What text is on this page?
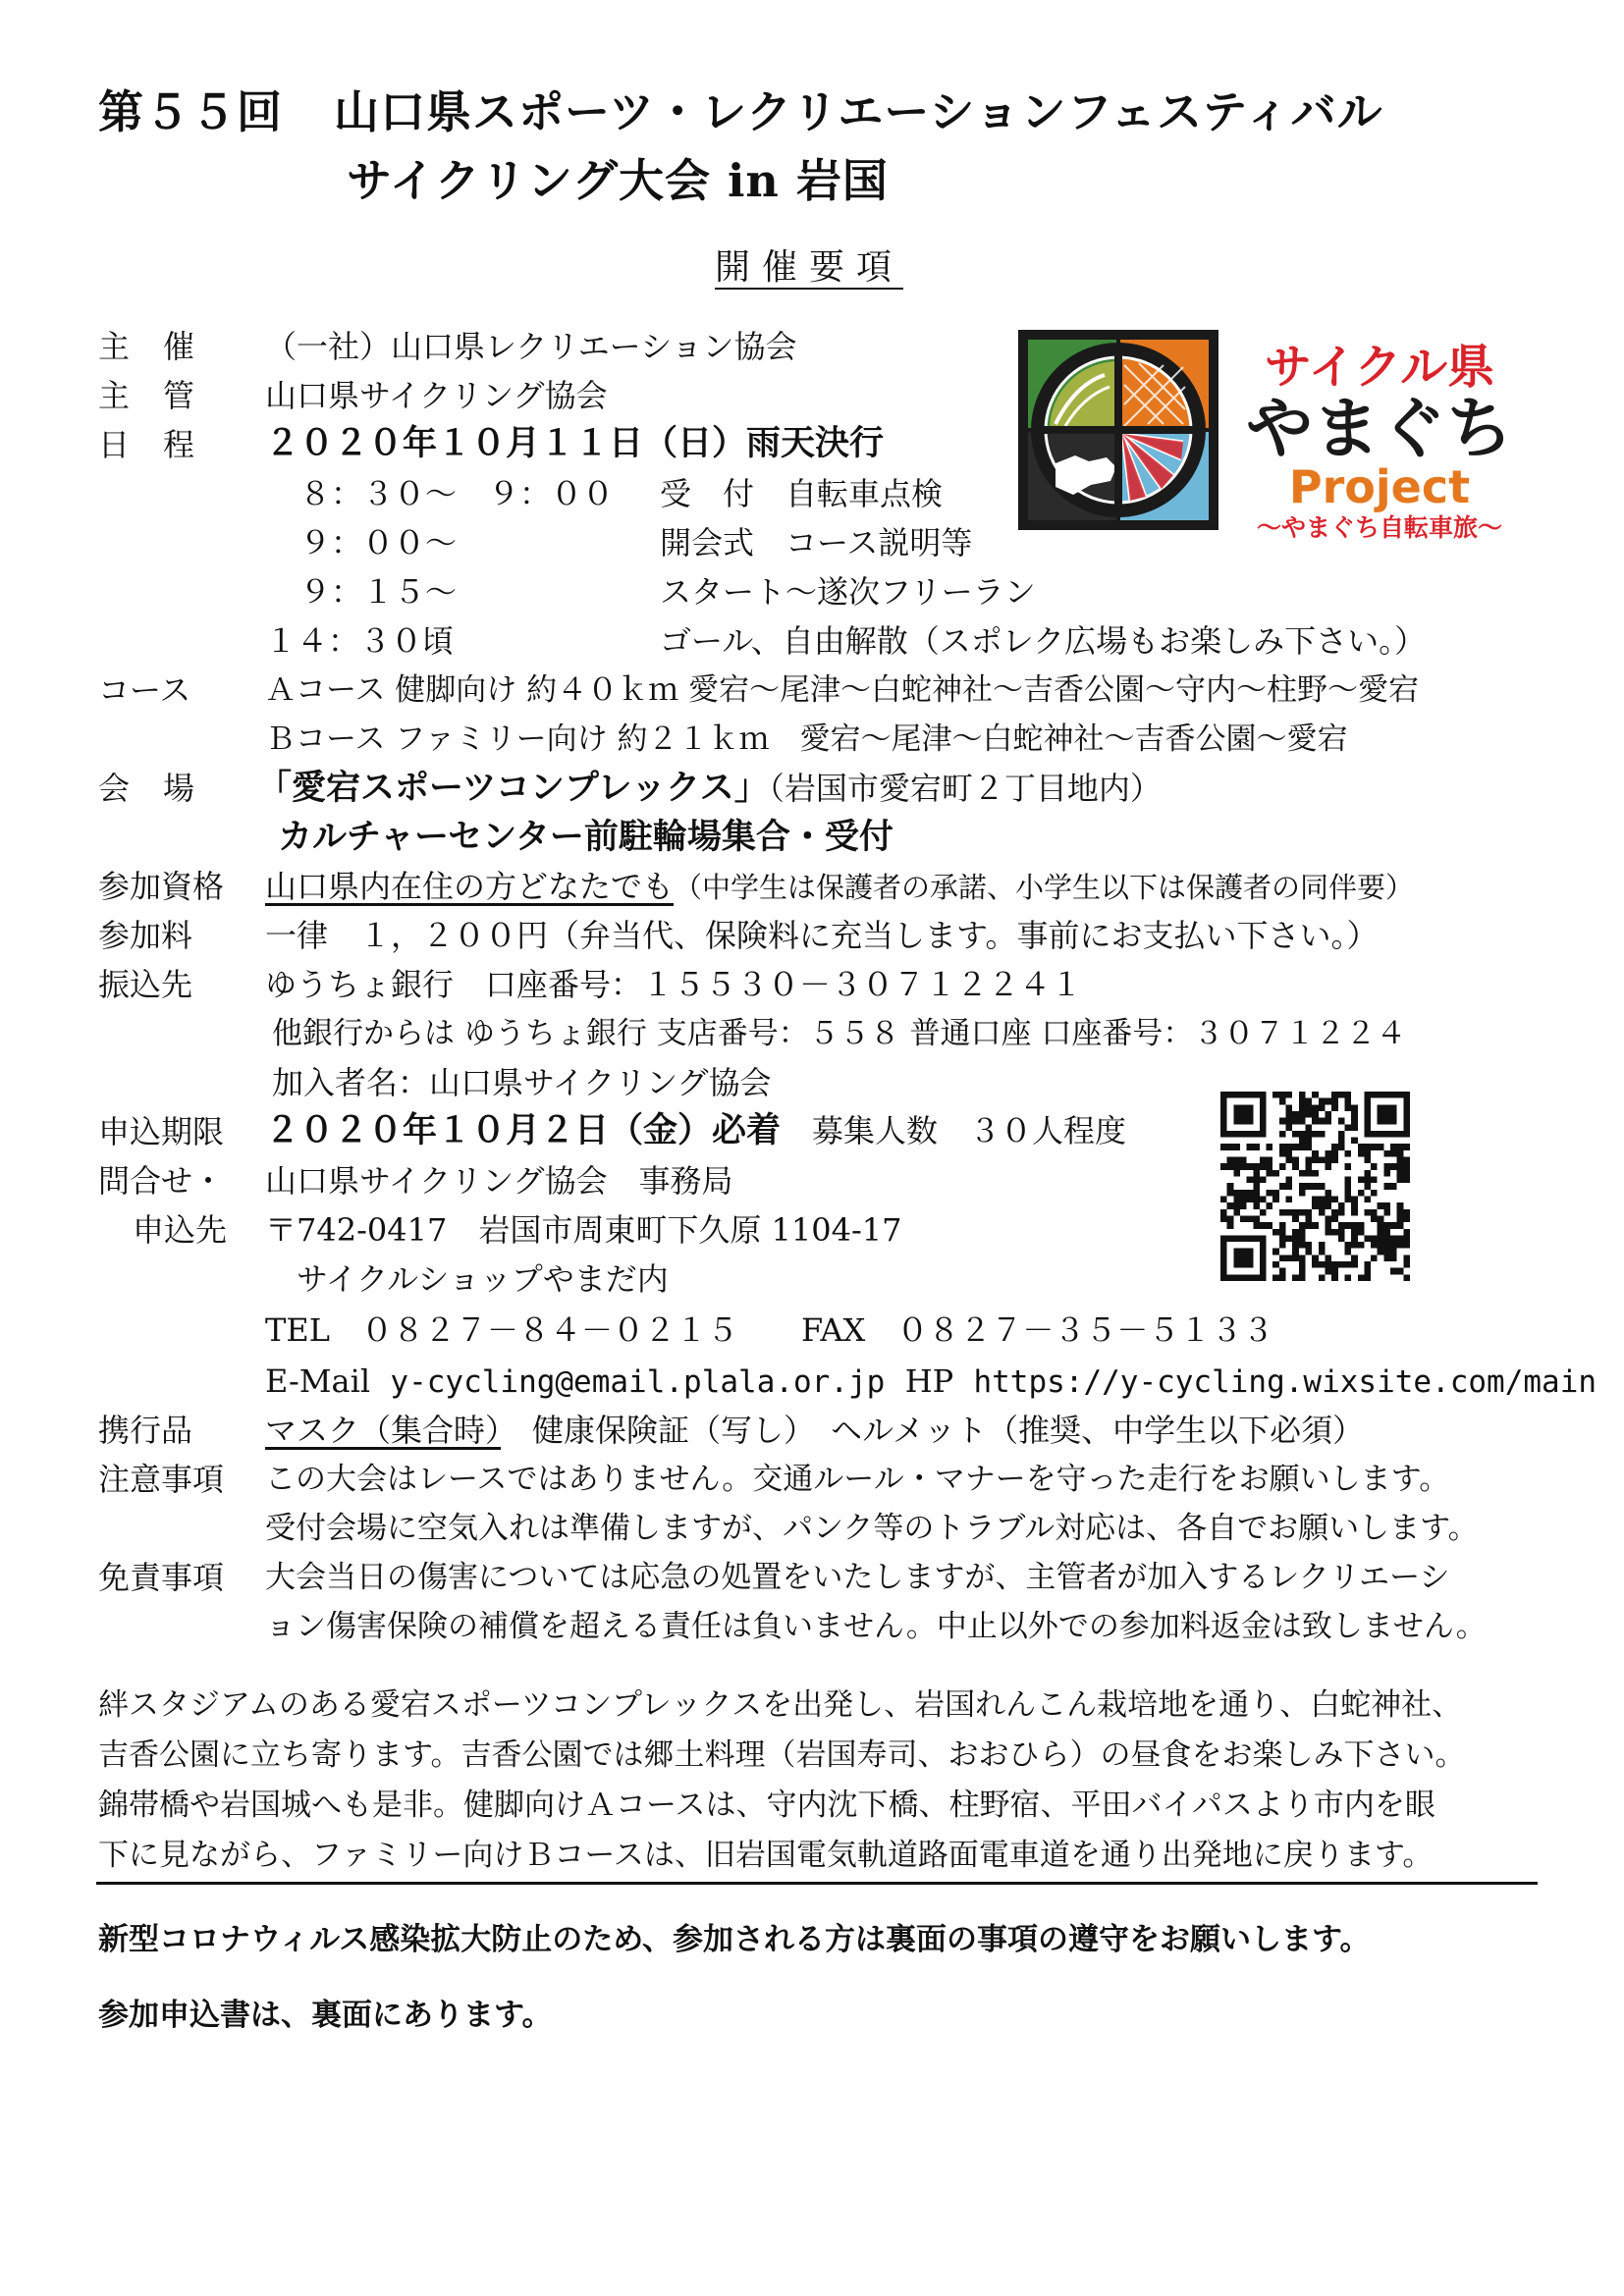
第５５回 山口県スポーツ・レクリエーションフェスティバル
サイクリング大会 in 岩国
開催要項
サイクル県
やまぐち
Project
～やまぐち自転車旅～
主催 （一社）山口県レクリエーション協会
主管 山口県サイクリング協会
日程 ２０２０年１０月１１日（日）雨天決行
８：３０～　９：００ 受　付　自転車点検
９：００～	開会式　コース説明等
９：１５～	スタート～遂次フリーラン
１４：３０頃	ゴール、自由解散（スポレク広場もお楽しみ下さい。）
コース Ａコース 健脚向け 約４０ｋｍ 愛宕～尾津～白蛇神社～吉香公園～守内～柱野～愛宕
Ｂコース ファミリー向け 約２１ｋｍ　愛宕～尾津～白蛇神社～吉香公園～愛宕
会場 「愛宕スポーツコンプレックス」（岩国市愛宕町２丁目地内）
カルチャーセンター前駐輪場集合・受付
参加資格 山口県内在住の方どなたでも（中学生は保護者の承諾、小学生以下は保護者の同伴要）
参加料 一律　１，２００円（弁当代、保険料に充当します。事前にお支払い下さい。）
振込先 ゆうちょ銀行　口座番号：１５５３０－３０７１２２４１
他銀行からは ゆうちょ銀行 支店番号：５５８ 普通口座 口座番号：３０７１２２４
加入者名：山口県サイクリング協会
申込期限 ２０２０年１０月２日（金）必着　 募集人数　３０人程度
問合せ・ 山口県サイクリング協会　事務局
申込先 〒742-0417　岩国市周東町下久原 1104-17
サイクルショップやまだ内
TEL　 ０８２７－８４－０２１５　　 FAX　 ０８２７－３５－５１３３
E-Mail y-cycling@email.plala.or.jp HP https://y-cycling.wixsite.com/main
携行品 マスク（集合時）　 健康保険証（写し）　 ヘルメット（推奨、中学生以下必須）
注意事項 この大会はレースではありません。交通ルール・マナーを守った走行をお願いします。
受付会場に空気入れは準備しますが、パンク等のトラブル対応は、各自でお願いします。
免責事項 大会当日の傷害については応急の処置をいたしますが、主管者が加入するレクリエーシ
ョン傷害保険の補償を超える責任は負いません。中止以外での参加料返金は致しません。
絆スタジアムのある愛宕スポーツコンプレックスを出発し、岩国れんこん栽培地を通り、白蛇神社、
吉香公園に立ち寄ります。吉香公園では郷土料理（岩国寿司、おおひら）の昼食をお楽しみ下さい。
錦帯橋や岩国城へも是非。健脚向けＡコースは、守内沈下橋、柱野宿、平田バイパスより市内を眼
下に見ながら、ファミリー向けＢコースは、旧岩国電気軌道路面電車道を通り出発地に戻ります。
新型コロナウィルス感染拡大防止のため、参加される方は裏面の事項の遵守をお願いします。
参加申込書は、裏面にあります。
